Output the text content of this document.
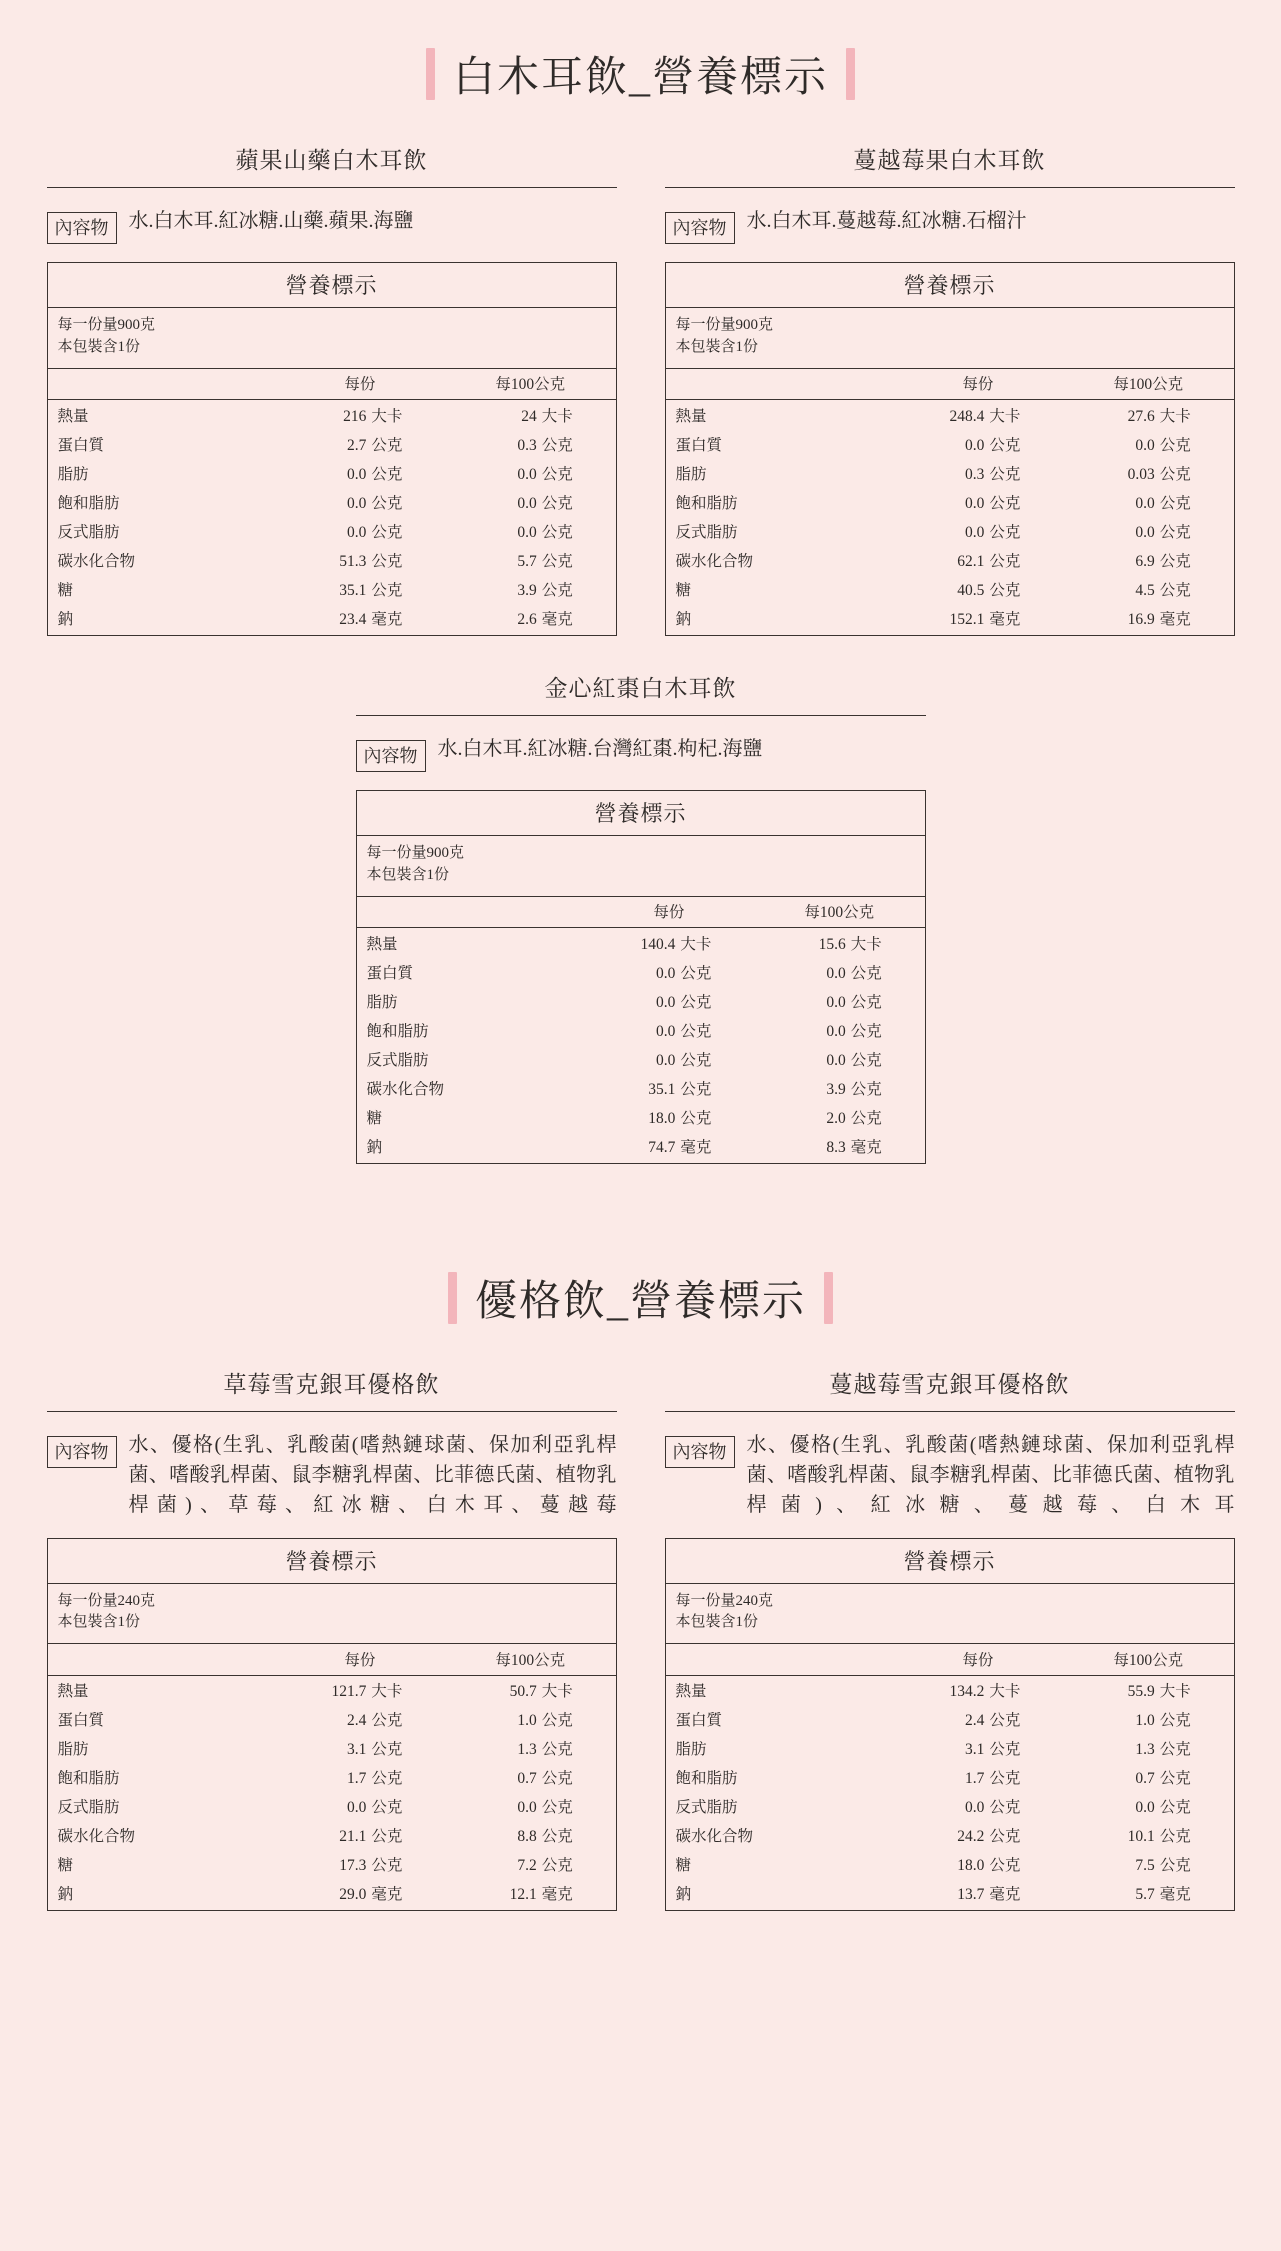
白木耳飲_營養標示
蘋果山藥白木耳飲
內容物	水.白木耳.紅冰糖.山藥.蘋果.海鹽
營養標示
每一份量900克
本包裝含1份
	每份	每100公克
熱量	216 大卡	24 大卡
蛋白質	2.7 公克	0.3 公克
脂肪	0.0 公克	0.0 公克
飽和脂肪	0.0 公克	0.0 公克
反式脂肪	0.0 公克	0.0 公克
碳水化合物	51.3 公克	5.7 公克
糖	35.1 公克	3.9 公克
鈉	23.4 毫克	2.6 毫克
蔓越莓果白木耳飲
內容物	水.白木耳.蔓越莓.紅冰糖.石榴汁
營養標示
每一份量900克
本包裝含1份
	每份	每100公克
熱量	248.4 大卡	27.6 大卡
蛋白質	0.0 公克	0.0 公克
脂肪	0.3 公克	0.03 公克
飽和脂肪	0.0 公克	0.0 公克
反式脂肪	0.0 公克	0.0 公克
碳水化合物	62.1 公克	6.9 公克
糖	40.5 公克	4.5 公克
鈉	152.1 毫克	16.9 毫克
金心紅棗白木耳飲
內容物	水.白木耳.紅冰糖.台灣紅棗.枸杞.海鹽
營養標示
每一份量900克
本包裝含1份
	每份	每100公克
熱量	140.4 大卡	15.6 大卡
蛋白質	0.0 公克	0.0 公克
脂肪	0.0 公克	0.0 公克
飽和脂肪	0.0 公克	0.0 公克
反式脂肪	0.0 公克	0.0 公克
碳水化合物	35.1 公克	3.9 公克
糖	18.0 公克	2.0 公克
鈉	74.7 毫克	8.3 毫克
優格飲_營養標示
草莓雪克銀耳優格飲
內容物	水、優格(生乳、乳酸菌(嗜熱鏈球菌、保加利亞乳桿菌、嗜酸乳桿菌、鼠李糖乳桿菌、比菲德氏菌、植物乳桿菌)、草莓、紅冰糖、白木耳、蔓越莓
營養標示
每一份量240克
本包裝含1份
	每份	每100公克
熱量	121.7 大卡	50.7 大卡
蛋白質	2.4 公克	1.0 公克
脂肪	3.1 公克	1.3 公克
飽和脂肪	1.7 公克	0.7 公克
反式脂肪	0.0 公克	0.0 公克
碳水化合物	21.1 公克	8.8 公克
糖	17.3 公克	7.2 公克
鈉	29.0 毫克	12.1 毫克
蔓越莓雪克銀耳優格飲
內容物	水、優格(生乳、乳酸菌(嗜熱鏈球菌、保加利亞乳桿菌、嗜酸乳桿菌、鼠李糖乳桿菌、比菲德氏菌、植物乳桿菌)、紅冰糖、蔓越莓、白木耳
營養標示
每一份量240克
本包裝含1份
	每份	每100公克
熱量	134.2 大卡	55.9 大卡
蛋白質	2.4 公克	1.0 公克
脂肪	3.1 公克	1.3 公克
飽和脂肪	1.7 公克	0.7 公克
反式脂肪	0.0 公克	0.0 公克
碳水化合物	24.2 公克	10.1 公克
糖	18.0 公克	7.5 公克
鈉	13.7 毫克	5.7 毫克
